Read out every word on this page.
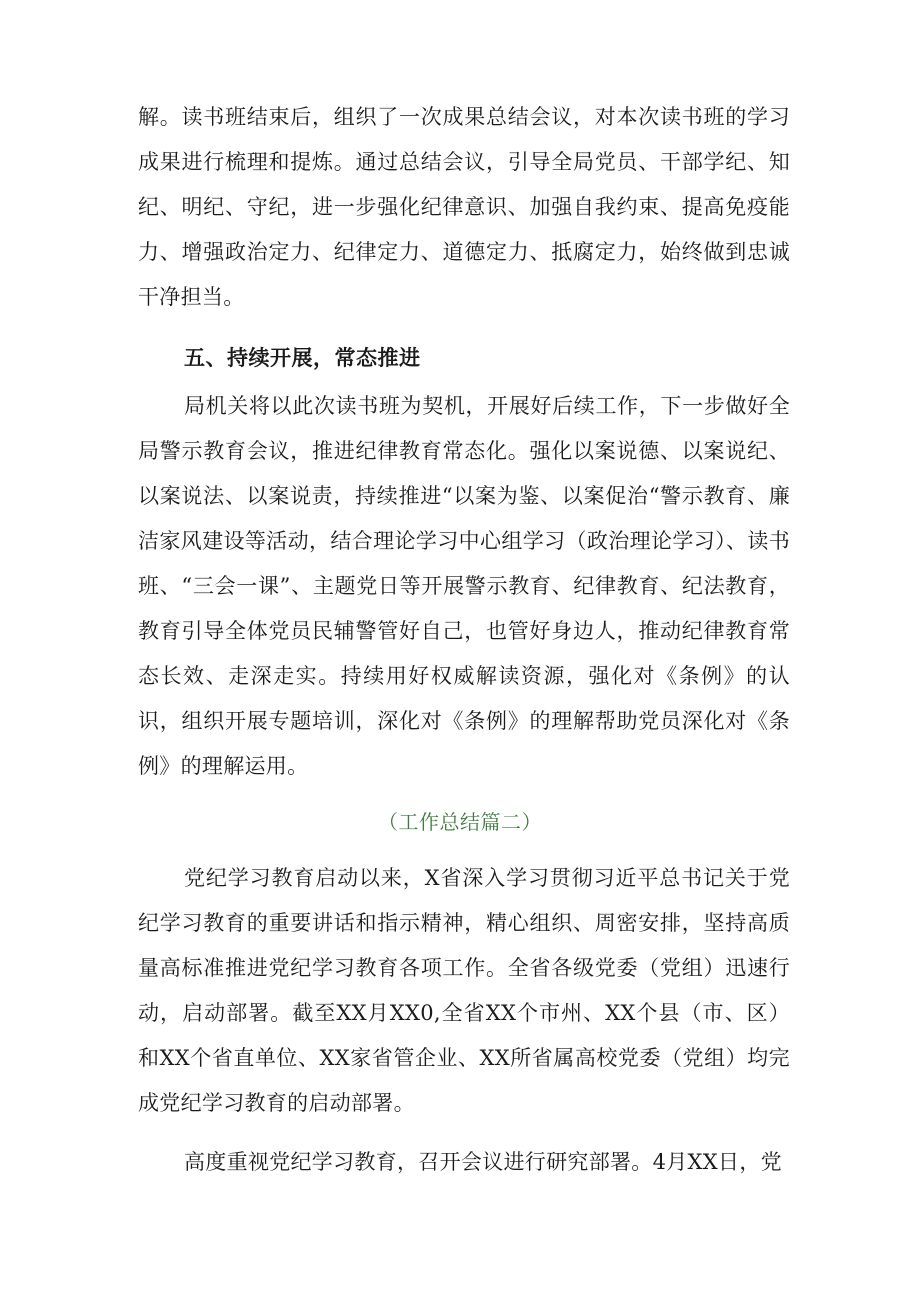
解。读书班结束后，组织了一次成果总结会议，对本次读书班的学习成果进行梳理和提炼。通过总结会议，引导全局党员、干部学纪、知纪、明纪、守纪，进一步强化纪律意识、加强自我约束、提高免疫能力、增强政治定力、纪律定力、道德定力、抵腐定力，始终做到忠诚干净担当。

五、持续开展，常态推进

局机关将以此次读书班为契机，开展好后续工作，下一步做好全局警示教育会议，推进纪律教育常态化。强化以案说德、以案说纪、以案说法、以案说责，持续推进“以案为鉴、以案促治“警示教育、廉洁家风建设等活动，结合理论学习中心组学习（政治理论学习）、读书班、“三会一课”、主题党日等开展警示教育、纪律教育、纪法教育，教育引导全体党员民辅警管好自己，也管好身边人，推动纪律教育常态长效、走深走实。持续用好权威解读资源，强化对《条例》的认识，组织开展专题培训，深化对《条例》的理解帮助党员深化对《条例》的理解运用。

（工作总结篇二）

党纪学习教育启动以来，X省深入学习贯彻习近平总书记关于党纪学习教育的重要讲话和指示精神，精心组织、周密安排，坚持高质量高标准推进党纪学习教育各项工作。全省各级党委（党组）迅速行动，启动部署。截至XX月XX0,全省XX个市州、XX个县（市、区）和XX个省直单位、XX家省管企业、XX所省属高校党委（党组）均完成党纪学习教育的启动部署。

高度重视党纪学习教育，召开会议进行研究部署。4月XX日，党
